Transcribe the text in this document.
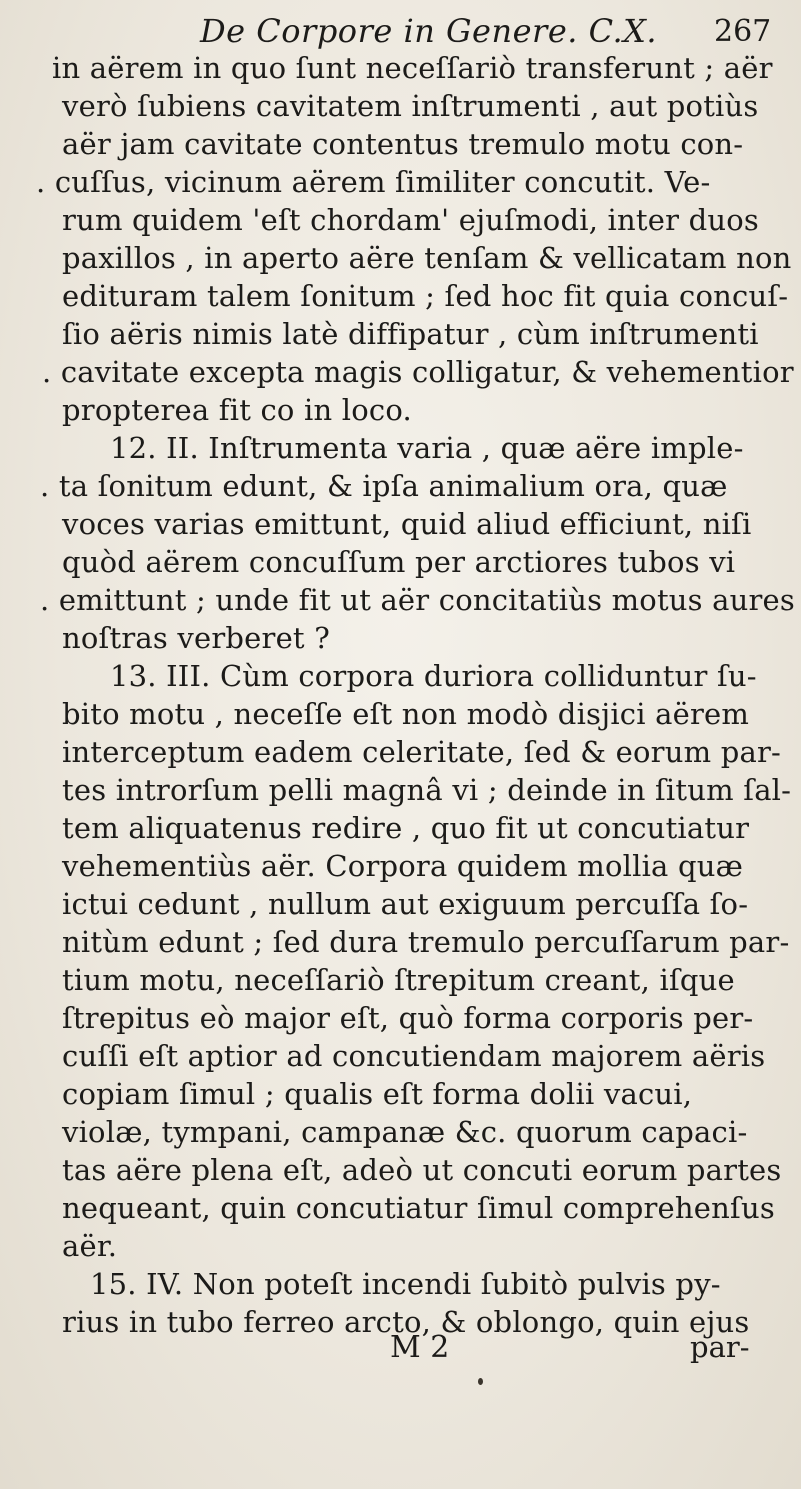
De Corpore in Genere. C.X. 267
in aërem in quo ſunt neceſſariò transferunt ; aër
verò ſubiens cavitatem inſtrumenti , aut potiùs
aër jam cavitate contentus tremulo motu con-
. cuſſus, vicinum aërem ſimiliter concutit. Ve-
rum quidem 'eſt chordam' ejuſmodi, inter duos
paxillos , in aperto aëre tenſam & vellicatam non
edituram talem ſonitum ; ſed hoc fit quia concuſ-
ſio aëris nimis latè diffipatur , cùm inſtrumenti
. cavitate excepta magis colligatur, & vehementior
propterea fit co in loco.
12. II. Inſtrumenta varia , quæ aëre imple-
. ta ſonitum edunt, & ipſa animalium ora, quæ
voces varias emittunt, quid aliud efficiunt, niſi
quòd aërem concuſſum per arctiores tubos vi
. emittunt ; unde fit ut aër concitatiùs motus aures
noſtras verberet ?
13. III. Cùm corpora duriora colliduntur ſu-
bito motu , neceſſe eſt non modò disjici aërem
interceptum eadem celeritate, ſed & eorum par-
tes introrſum pelli magnâ vi ; deinde in ſitum ſal-
tem aliquatenus redire , quo fit ut concutiatur
vehementiùs aër. Corpora quidem mollia quæ
ictui cedunt , nullum aut exiguum percuſſa ſo-
nitùm edunt ; ſed dura tremulo percuſſarum par-
tium motu, neceſſariò ſtrepitum creant, iſque
ſtrepitus eò major eſt, quò forma corporis per-
cuſſi eſt aptior ad concutiendam majorem aëris
copiam ſimul ; qualis eſt forma dolii vacui,
violæ, tympani, campanæ &c. quorum capaci-
tas aëre plena eſt, adeò ut concuti eorum partes
nequeant, quin concutiatur ſimul comprehenſus
aër.
15. IV. Non poteſt incendi ſubitò pulvis py-
rius in tubo ferreo arcto, & oblongo, quin ejus
M 2	par-
